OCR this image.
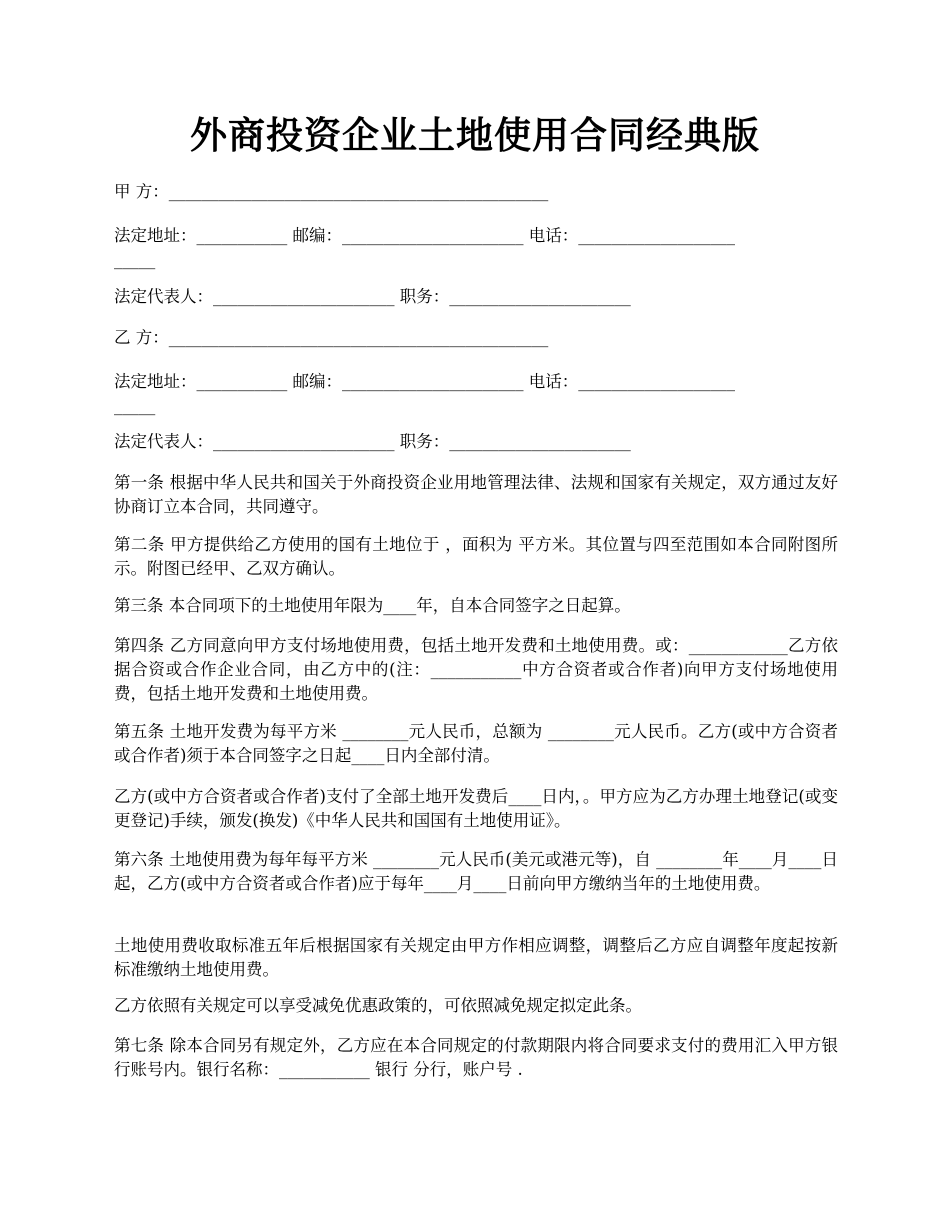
外商投资企业土地使用合同经典版
甲 方：______________________________________________
法定地址：___________ 邮编：______________________ 电话：___________________
_____
法定代表人：______________________ 职务：______________________
乙 方：______________________________________________
法定地址：___________ 邮编：______________________ 电话：___________________
_____
法定代表人：______________________ 职务：______________________
第一条 根据中华人民共和国关于外商投资企业用地管理法律、法规和国家有关规定，双方通过友好协商订立本合同，共同遵守。
第二条 甲方提供给乙方使用的国有土地位于 ，面积为 平方米。其位置与四至范围如本合同附图所示。附图已经甲、乙双方确认。
第三条 本合同项下的土地使用年限为____年，自本合同签字之日起算。
第四条 乙方同意向甲方支付场地使用费，包括土地开发费和土地使用费。或：____________乙方依据合资或合作企业合同，由乙方中的(注：___________中方合资者或合作者)向甲方支付场地使用费，包括土地开发费和土地使用费。
第五条 土地开发费为每平方米 ________元人民币，总额为 ________元人民币。乙方(或中方合资者或合作者)须于本合同签字之日起____日内全部付清。
乙方(或中方合资者或合作者)支付了全部土地开发费后____日内，。甲方应为乙方办理土地登记(或变更登记)手续，颁发(换发)《中华人民共和国国有土地使用证》。
第六条 土地使用费为每年每平方米 ________元人民币(美元或港元等)，自 ________年____月____日起，乙方(或中方合资者或合作者)应于每年____月____日前向甲方缴纳当年的土地使用费。
土地使用费收取标准五年后根据国家有关规定由甲方作相应调整，调整后乙方应自调整年度起按新标准缴纳土地使用费。
乙方依照有关规定可以享受减免优惠政策的，可依照减免规定拟定此条。
第七条 除本合同另有规定外，乙方应在本合同规定的付款期限内将合同要求支付的费用汇入甲方银行账号内。银行名称：___________ 银行 分行，账户号 .
